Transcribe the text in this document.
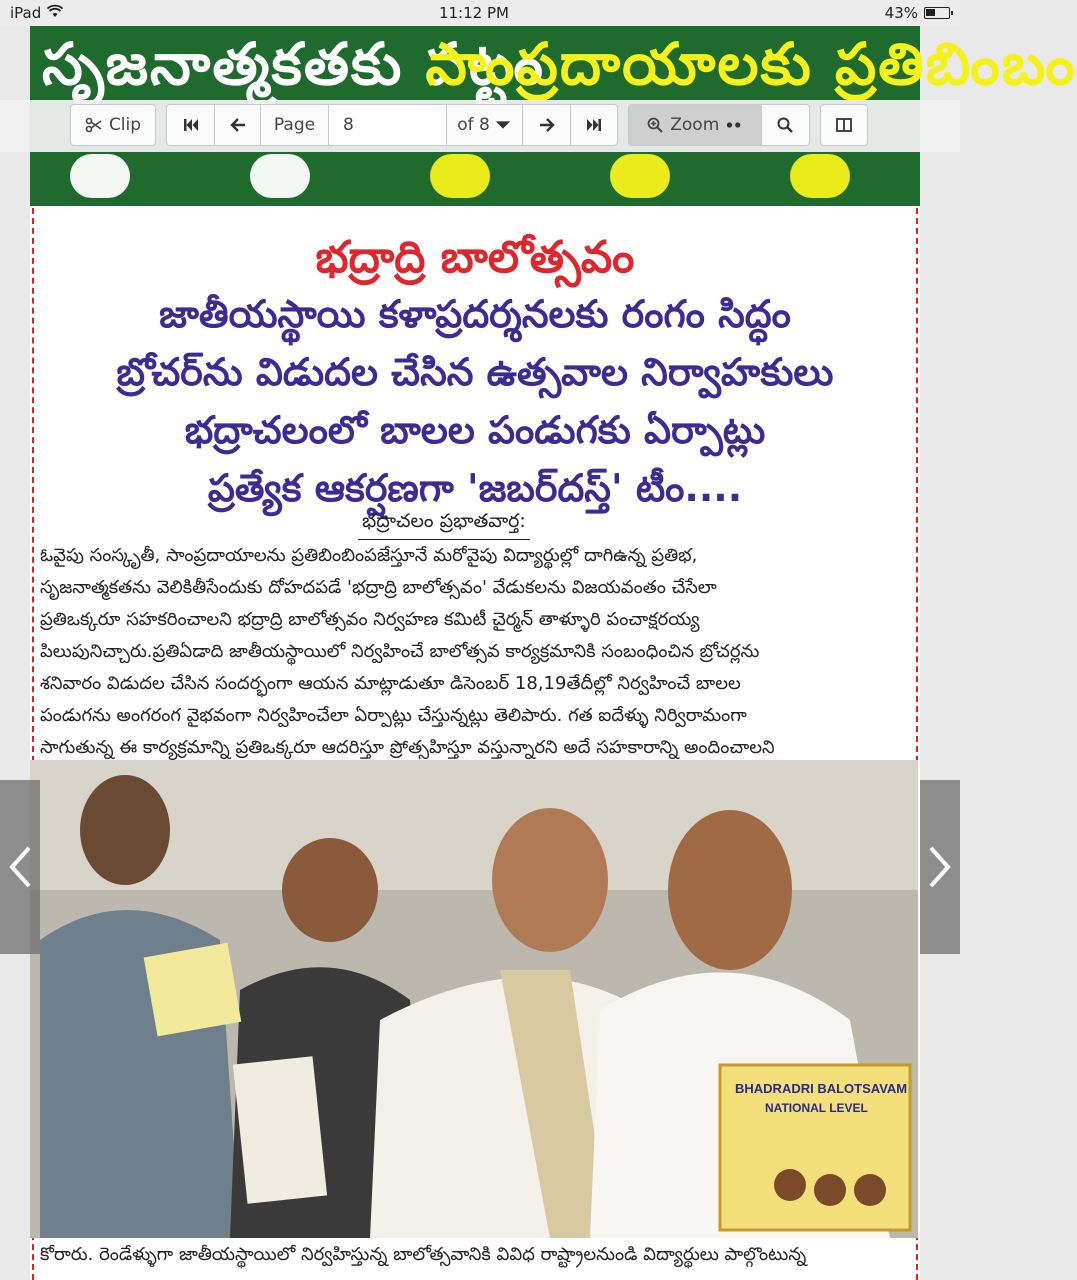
iPad	11:12 PM	43%
సృజనాత్మకతకు పట్టం
సాంప్రదాయాలకు ప్రతిబింబం
భద్రాద్రి బాలోత్సవం
జాతీయస్థాయి కళాప్రదర్శనలకు రంగం సిద్ధం
బ్రోచర్‌ను విడుదల చేసిన ఉత్సవాల నిర్వాహకులు
భద్రాచలంలో బాలల పండుగకు ఏర్పాట్లు
ప్రత్యేక ఆకర్షణగా 'జబర్‌దస్త్‌' టీం....
భద్రాచలం ప్రభాతవార్త:
ఓవైపు సంస్కృతీ, సాంప్రదాయాలను ప్రతిబింబింపజేస్తూనే మరోవైపు విద్యార్థుల్లో దాగిఉన్న ప్రతిభ,
సృజనాత్మకతను వెలికితీసేందుకు దోహదపడే 'భద్రాద్రి బాలోత్సవం' వేడుకలను విజయవంతం చేసేలా
ప్రతిఒక్కరూ సహకరించాలని భద్రాద్రి బాలోత్సవం నిర్వహణ కమిటీ చైర్మన్ తాళ్ళూరి పంచాక్షరయ్య
పిలుపునిచ్చారు.ప్రతిఏడాది జాతీయస్థాయిలో నిర్వహించే బాలోత్సవ కార్యక్రమానికి సంబంధించిన బ్రోచర్లను
శనివారం విడుదల చేసిన సందర్భంగా ఆయన మాట్లాడుతూ డిసెంబర్ 18,19తేదీల్లో నిర్వహించే బాలల
పండుగను అంగరంగ వైభవంగా నిర్వహించేలా ఏర్పాట్లు చేస్తున్నట్లు తెలిపారు. గత ఐదేళ్ళు నిర్విరామంగా
సాగుతున్న ఈ కార్యక్రమాన్ని ప్రతిఒక్కరూ ఆదరిస్తూ ప్రోత్సహిస్తూ వస్తున్నారని అదే సహకారాన్ని అందించాలని
BHADRADRI BALOTSAVAM
NATIONAL LEVEL
కోరారు. రెండేళ్ళుగా జాతీయస్థాయిలో నిర్వహిస్తున్న బాలోత్సవానికి వివిధ రాష్ట్రాలనుండి విద్యార్థులు పాల్గొంటున్న
Clip	Page	8	of 8	Zoom
